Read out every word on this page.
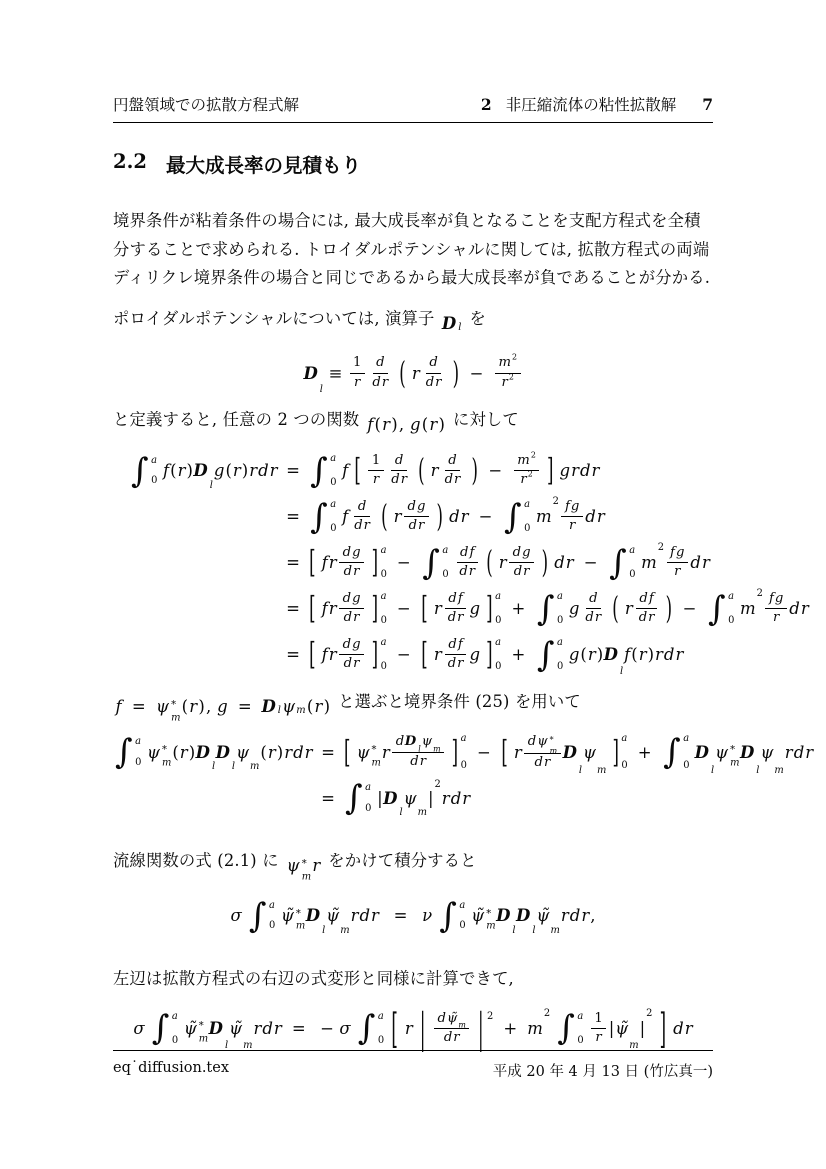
円盤領域での拡散方程式解	2 非圧縮流体の粘性拡散解 7
2.2 最大成長率の見積もり
境界条件が粘着条件の場合には, 最大成長率が負となることを支配方程式を全積
分することで求められる. トロイダルポテンシャルに関しては, 拡散方程式の両端
ディリクレ境界条件の場合と同じであるから最大成長率が負であることが分かる.
ポロイダルポテンシャルについては, 演算子 D l を
D
l
≡ $\frac{1}{r} \frac{d}{\text{d r}}$ ( r $\frac{d}{\text{d r}}$ ) − $\frac{m 2}{r 2}$
と定義すると, 任意の 2 つの関数 f ( r ) , g ( r ) に対して
∫ a
0
f ( r ) D
l
g ( r ) r d r = ∫ a
0
f [ $\frac{1}{r} \frac{d}{\text{d r}}$ ( r $\frac{d}{\text{d r}}$ ) − $\frac{m 2}{r 2}$ ] g r d r
= ∫ a
0
f $\frac{d}{\text{d r}}$ ( r $\frac{\text{d g}}{\text{d r}}$ ) d r − ∫ a
0
m
$2 \frac{\text{f g}}{r}$ d r
= [ f r $\frac{\text{d g}}{\text{d r}}$ ] a
0
− ∫ a
$0 \frac{\text{d f}}{\text{d r}}$ ( r $\frac{\text{d g}}{\text{d r}}$ ) d r − ∫ a
0
m
$2 \frac{\text{f g}}{r}$ d r
= [ f r $\frac{\text{d g}}{\text{d r}}$ ] a
0
− [ r $\frac{\text{d f}}{\text{d r}}$ g ] a
0
+ ∫ a
0
g $\frac{d}{\text{d r}}$ ( r $\frac{\text{d f}}{\text{d r}}$ ) − ∫ a
0
m
$2 \frac{\text{f g}}{r}$ d r
= [ f r $\frac{\text{d g}}{\text{d r}}$ ] a
0
− [ r $\frac{\text{d f}}{\text{d r}}$ g ] a
0
+ ∫ a
0
g ( r ) D
l
f ( r ) r d r
f = ψ *
m
( r ) , g = D l ψ m ( r ) と選ぶと境界条件 (25) を用いて
∫ a
0
ψ *
m
( r ) D
l
D
l
ψ
m
( r ) r d r = [ ψ *
m
r $\frac{\text{d D l ψ m}}{\text{d r}}$ ] a
0
− [ r d ψ *
m
d r D
l
ψ
m
] a
0
+ ∫ a
0
D
l
ψ *
m
D
l
ψ
m
r d r
= ∫ a
0
| D
l
ψ
m
|
2
r d r
流線関数の式 (2.1) に ψ *
m
r をかけて積分すると
σ ∫ a
0
ψ̃ *
m
D
l
ψ̃
m
r d r = ν ∫ a
0
ψ̃ *
m
D
l
D
l
ψ̃
m
r d r ,
左辺は拡散方程式の右辺の式変形と同様に計算できて,
σ ∫ a
0
ψ̃ *
m
D
l
ψ̃
m
r d r = − σ ∫ a
0 [ r | $\frac{\text{d ψ̃ m}}{\text{d r}}$ | 2
+ m
2 ∫ a
$0 \frac{1}{r}$ | ψ̃
m
|
2 ] d r
eq˙diffusion.tex	平成 20 年 4 月 13 日 (竹広真一)
